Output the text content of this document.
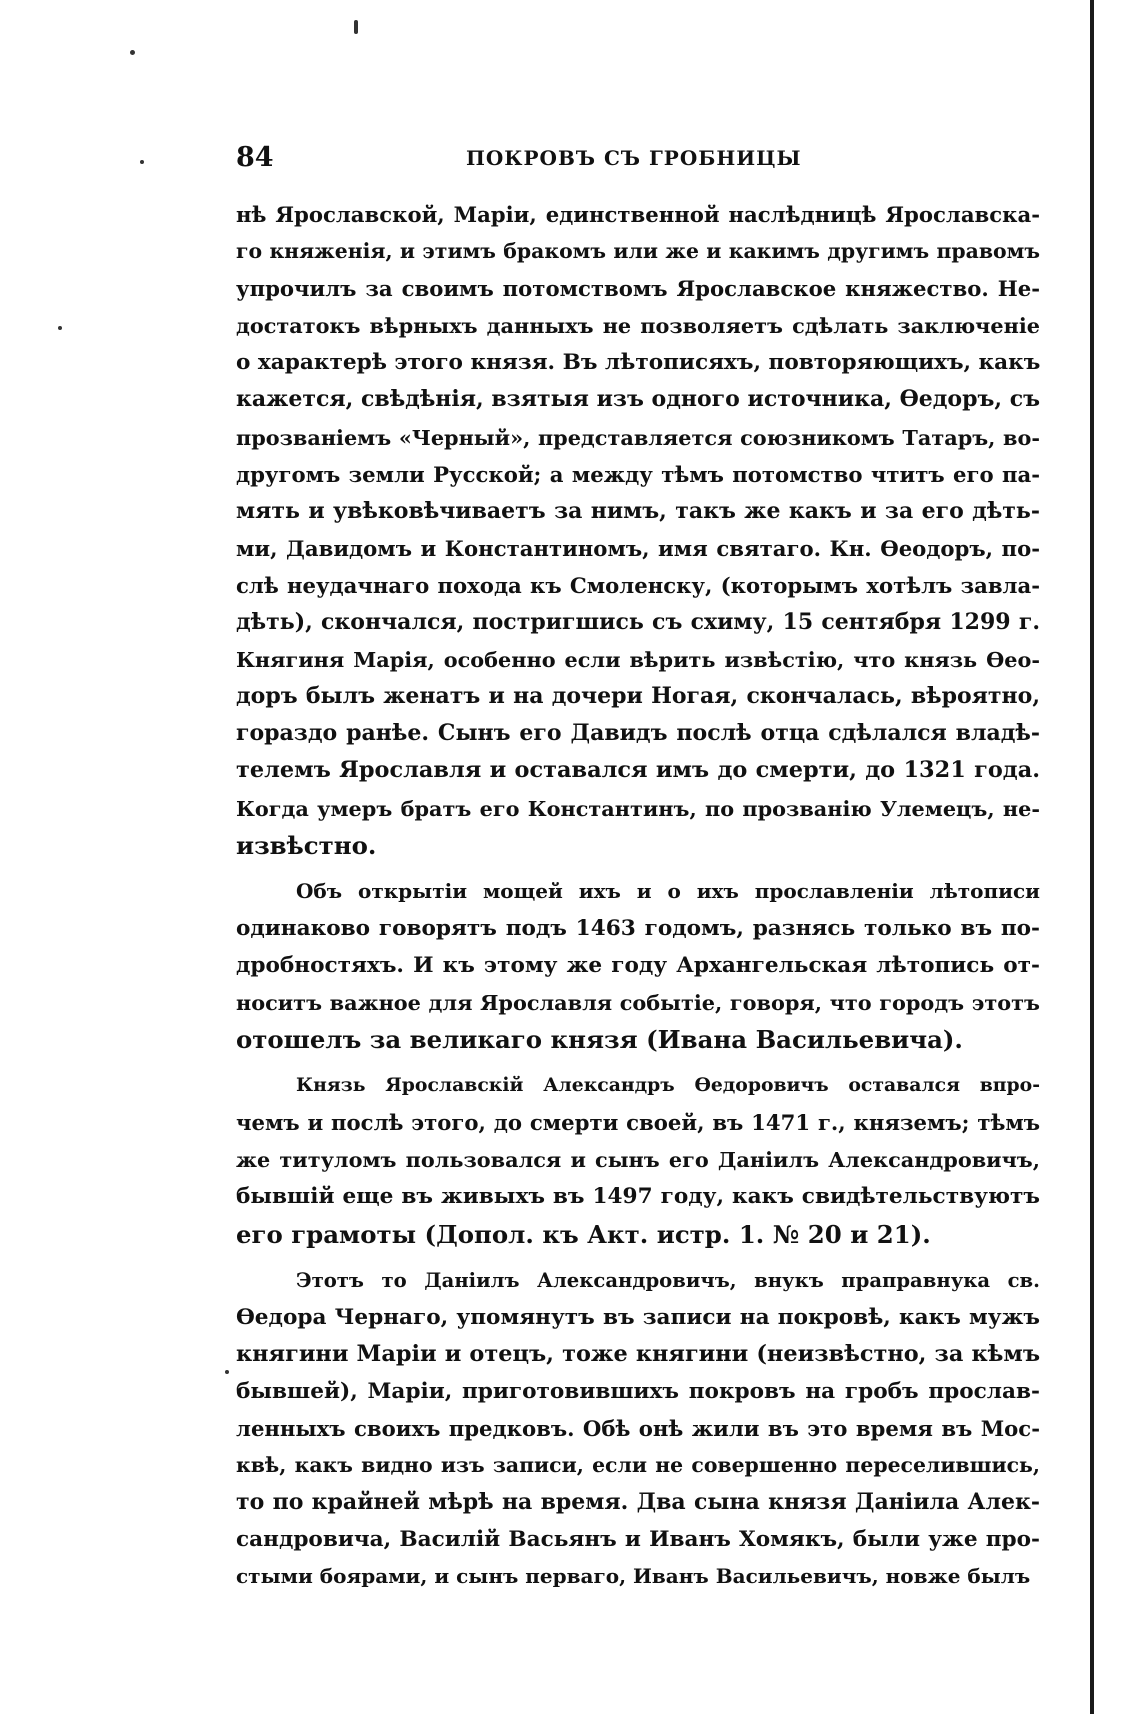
84	ПОКРОВЪ СЪ ГРОБНИЦЫ
нѣ Ярославской, Маріи, единственной наслѣдницѣ Ярославска-
го княженія, и этимъ бракомъ или же и какимъ другимъ правомъ
упрочилъ за своимъ потомствомъ Ярославское княжество. Не-
достатокъ вѣрныхъ данныхъ не позволяетъ сдѣлать заключеніе
о характерѣ этого князя. Въ лѣтописяхъ, повторяющихъ, какъ
кажется, свѣдѣнія, взятыя изъ одного источника, Ѳедоръ, съ
прозваніемъ «Черный», представляется союзникомъ Татаръ, во-
другомъ земли Русской; а между тѣмъ потомство чтитъ его па-
мять и увѣковѣчиваетъ за нимъ, такъ же какъ и за его дѣть-
ми, Давидомъ и Константиномъ, имя святаго. Кн. Ѳеодоръ, по-
слѣ неудачнаго похода къ Смоленску, (которымъ хотѣлъ завла-
дѣть), скончался, постригшись съ схиму, 15 сентября 1299 г.
Княгиня Марія, особенно если вѣрить извѣстію, что князь Ѳео-
доръ былъ женатъ и на дочери Ногая, скончалась, вѣроятно,
гораздо ранѣе. Сынъ его Давидъ послѣ отца сдѣлался владѣ-
телемъ Ярославля и оставался имъ до смерти, до 1321 года.
Когда умеръ братъ его Константинъ, по прозванію Улемецъ, не-
извѣстно.
Объ открытіи мощей ихъ и о ихъ прославленіи лѣтописи
одинаково говорятъ подъ 1463 годомъ, разнясь только въ по-
дробностяхъ. И къ этому же году Архангельская лѣтопись от-
носитъ важное для Ярославля событіе, говоря, что городъ этотъ
отошелъ за великаго князя (Ивана Васильевича).
Князь Ярославскій Александръ Ѳедоровичъ оставался впро-
чемъ и послѣ этого, до смерти своей, въ 1471 г., княземъ; тѣмъ
же титуломъ пользовался и сынъ его Даніилъ Александровичъ,
бывшій еще въ живыхъ въ 1497 году, какъ свидѣтельствуютъ
его грамоты (Допол. къ Акт. истр. 1. № 20 и 21).
Этотъ то Даніилъ Александровичъ, внукъ праправнука св.
Ѳедора Чернаго, упомянутъ въ записи на покровѣ, какъ мужъ
княгини Маріи и отецъ, тоже княгини (неизвѣстно, за кѣмъ
бывшей), Маріи, приготовившихъ покровъ на гробъ прослав-
ленныхъ своихъ предковъ. Обѣ онѣ жили въ это время въ Мос-
квѣ, какъ видно изъ записи, если не совершенно переселившись,
то по крайней мѣрѣ на время. Два сына князя Даніила Алек-
сандровича, Василій Васьянъ и Иванъ Хомякъ, были уже про-
стыми боярами, и сынъ перваго, Иванъ Васильевичъ, новже былъ
